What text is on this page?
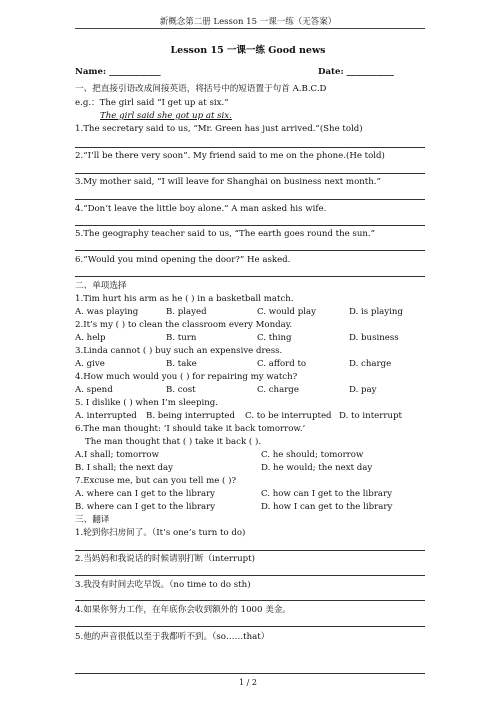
新概念第二册 Lesson 15 一课一练（无答案）
Lesson 15 一课一练 Good news
Name: ____________	Date: ___________
一、把直接引语改成间接英语，将括号中的短语置于句首 A.B.C.D
e.g.：The girl said “I get up at six.”
The girl said she got up at six.
1.The secretary said to us, “Mr. Green has just arrived.”(She told)
2.“I’ll be there very soon”. My friend said to me on the phone.(He told)
3.My mother said, “I will leave for Shanghai on business next month.”
4.“Don’t leave the little boy alone.” A man asked his wife.
5.The geography teacher said to us, “The earth goes round the sun.”
6.“Would you mind opening the door?” He asked.
二、单项选择
1.Tim hurt his arm as he ( ) in a basketball match.
A. was playing	B. played	C. would play	D. is playing
2.It’s my ( ) to clean the classroom every Monday.
A. help	B. turn	C. thing	D. business
3.Linda cannot ( ) buy such an expensive dress.
A. give	B. take	C. afford to	D. charge
4.How much would you ( ) for repairing my watch?
A. spend	B. cost	C. charge	D. pay
5. I dislike ( ) when I’m sleeping.
A. interrupted B. being interrupted C. to be interrupted D. to interrupt
6.The man thought: ‘I should take it back tomorrow.’
The man thought that ( ) take it back ( ).
A.I shall; tomorrow	C. he should; tomorrow
B. I shall; the next day	D. he would; the next day
7.Excuse me, but can you tell me ( )?
A. where can I get to the library	C. how can I get to the library
B. where can I get to the library	D. how I can get to the library
三、翻译
1.轮到你扫房间了。（It’s one’s turn to do)
2.当妈妈和我说话的时候请别打断（interrupt)
3.我没有时间去吃早饭。（no time to do sth)
4.如果你努力工作，在年底你会收到额外的 1000 美金。
5.他的声音很低以至于我都听不到。（so……that）
1 / 2
